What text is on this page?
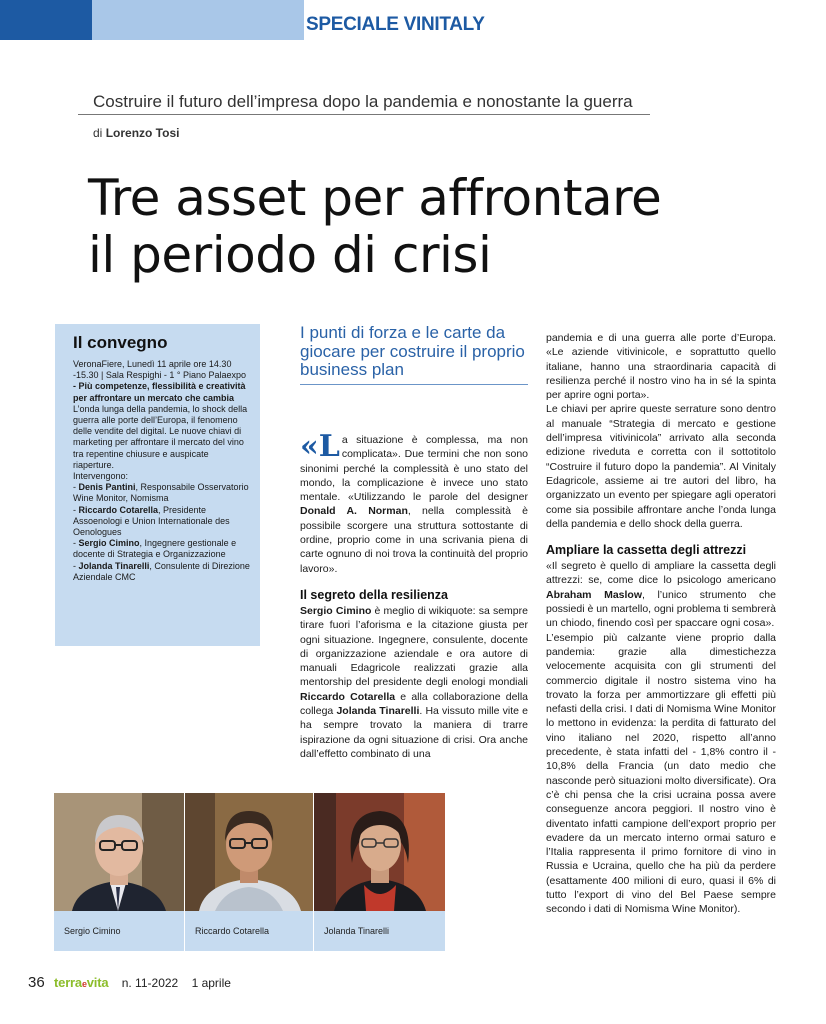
SPECIALE VINITALY
Costruire il futuro dell’impresa dopo la pandemia e nonostante la guerra
di Lorenzo Tosi
Tre asset per affrontare
il periodo di crisi
Il convegno
VeronaFiere, Lunedì 11 aprile ore 14.30 -15.30 | Sala Respighi - 1 ° Piano Palaexpo
- Più competenze, flessibilità e creatività per affrontare un mercato che cambia
L’onda lunga della pandemia, lo shock della guerra alle porte dell’Europa, il fenomeno delle vendite del digital. Le nuove chiavi di marketing per affrontare il mercato del vino tra repentine chiusure e auspicate riaperture.
Intervengono:
- Denis Pantini, Responsabile Osservatorio Wine Monitor, Nomisma
- Riccardo Cotarella, Presidente Assoenologi e Union Internationale des Oenologues
- Sergio Cimino, Ingegnere gestionale e docente di Strategia e Organizzazione
- Jolanda Tinarelli, Consulente di Direzione Aziendale CMC
I punti di forza e le carte da giocare per costruire il proprio business plan

«La situazione è complessa, ma non complicata». Due termini che non sono sinonimi perché la complessità è uno stato del mondo, la complicazione è invece uno stato mentale. «Utilizzando le parole del designer Donald A. Norman, nella complessità è possibile scorgere una struttura sottostante di ordine, proprio come in una scrivania piena di carte ognuno di noi trova la continuità del proprio lavoro».

Il segreto della resilienza

Sergio Cimino è meglio di wikiquote: sa sempre tirare fuori l’aforisma e la citazione giusta per ogni situazione. Ingegnere, consulente, docente di organizzazione aziendale e ora autore di manuali Edagricole realizzati grazie alla mentorship del presidente degli enologi mondiali Riccardo Cotarella e alla collaborazione della collega Jolanda Tinarelli. Ha vissuto mille vite e ha sempre trovato la maniera di trarre ispirazione da ogni situazione di crisi. Ora anche dall’effetto combinato di una

pandemia e di una guerra alle porte d’Europa. «Le aziende vitivinicole, e soprattutto quello italiane, hanno una straordinaria capacità di resilienza perché il nostro vino ha in sé la spinta per aprire ogni porta».

Le chiavi per aprire queste serrature sono dentro al manuale “Strategia di mercato e gestione dell’impresa vitivinicola” arrivato alla seconda edizione riveduta e corretta con il sottotitolo “Costruire il futuro dopo la pandemia”. Al Vinitaly Edagricole, assieme ai tre autori del libro, ha organizzato un evento per spiegare agli operatori come sia possibile affrontare anche l’onda lunga della pandemia e dello shock della guerra.

Ampliare la cassetta degli attrezzi

«Il segreto è quello di ampliare la cassetta degli attrezzi: se, come dice lo psicologo americano Abraham Maslow, l’unico strumento che possiedi è un martello, ogni problema ti sembrerà un chiodo, finendo così per spaccare ogni cosa».

L’esempio più calzante viene proprio dalla pandemia: grazie alla dimestichezza velocemente acquisita con gli strumenti del commercio digitale il nostro sistema vino ha trovato la forza per ammortizzare gli effetti più nefasti della crisi. I dati di Nomisma Wine Monitor lo mettono in evidenza: la perdita di fatturato del vino italiano nel 2020, rispetto all’anno precedente, è stata infatti del - 1,8% contro il - 10,8% della Francia (un dato medio che nasconde però situazioni molto diversificate). Ora c’è chi pensa che la crisi ucraina possa avere conseguenze ancora peggiori. Il nostro vino è diventato infatti campione dell’export proprio per evadere da un mercato interno ormai saturo e l’Italia rappresenta il primo fornitore di vino in Russia e Ucraina, quello che ha più da perdere (esattamente 400 milioni di euro, quasi il 6% di tutto l’export di vino del Bel Paese sempre secondo i dati di Nomisma Wine Monitor).

Sergio Cimino	Riccardo Cotarella	Jolanda Tinarelli
36 terraevita n. 11-2022 1 aprile
